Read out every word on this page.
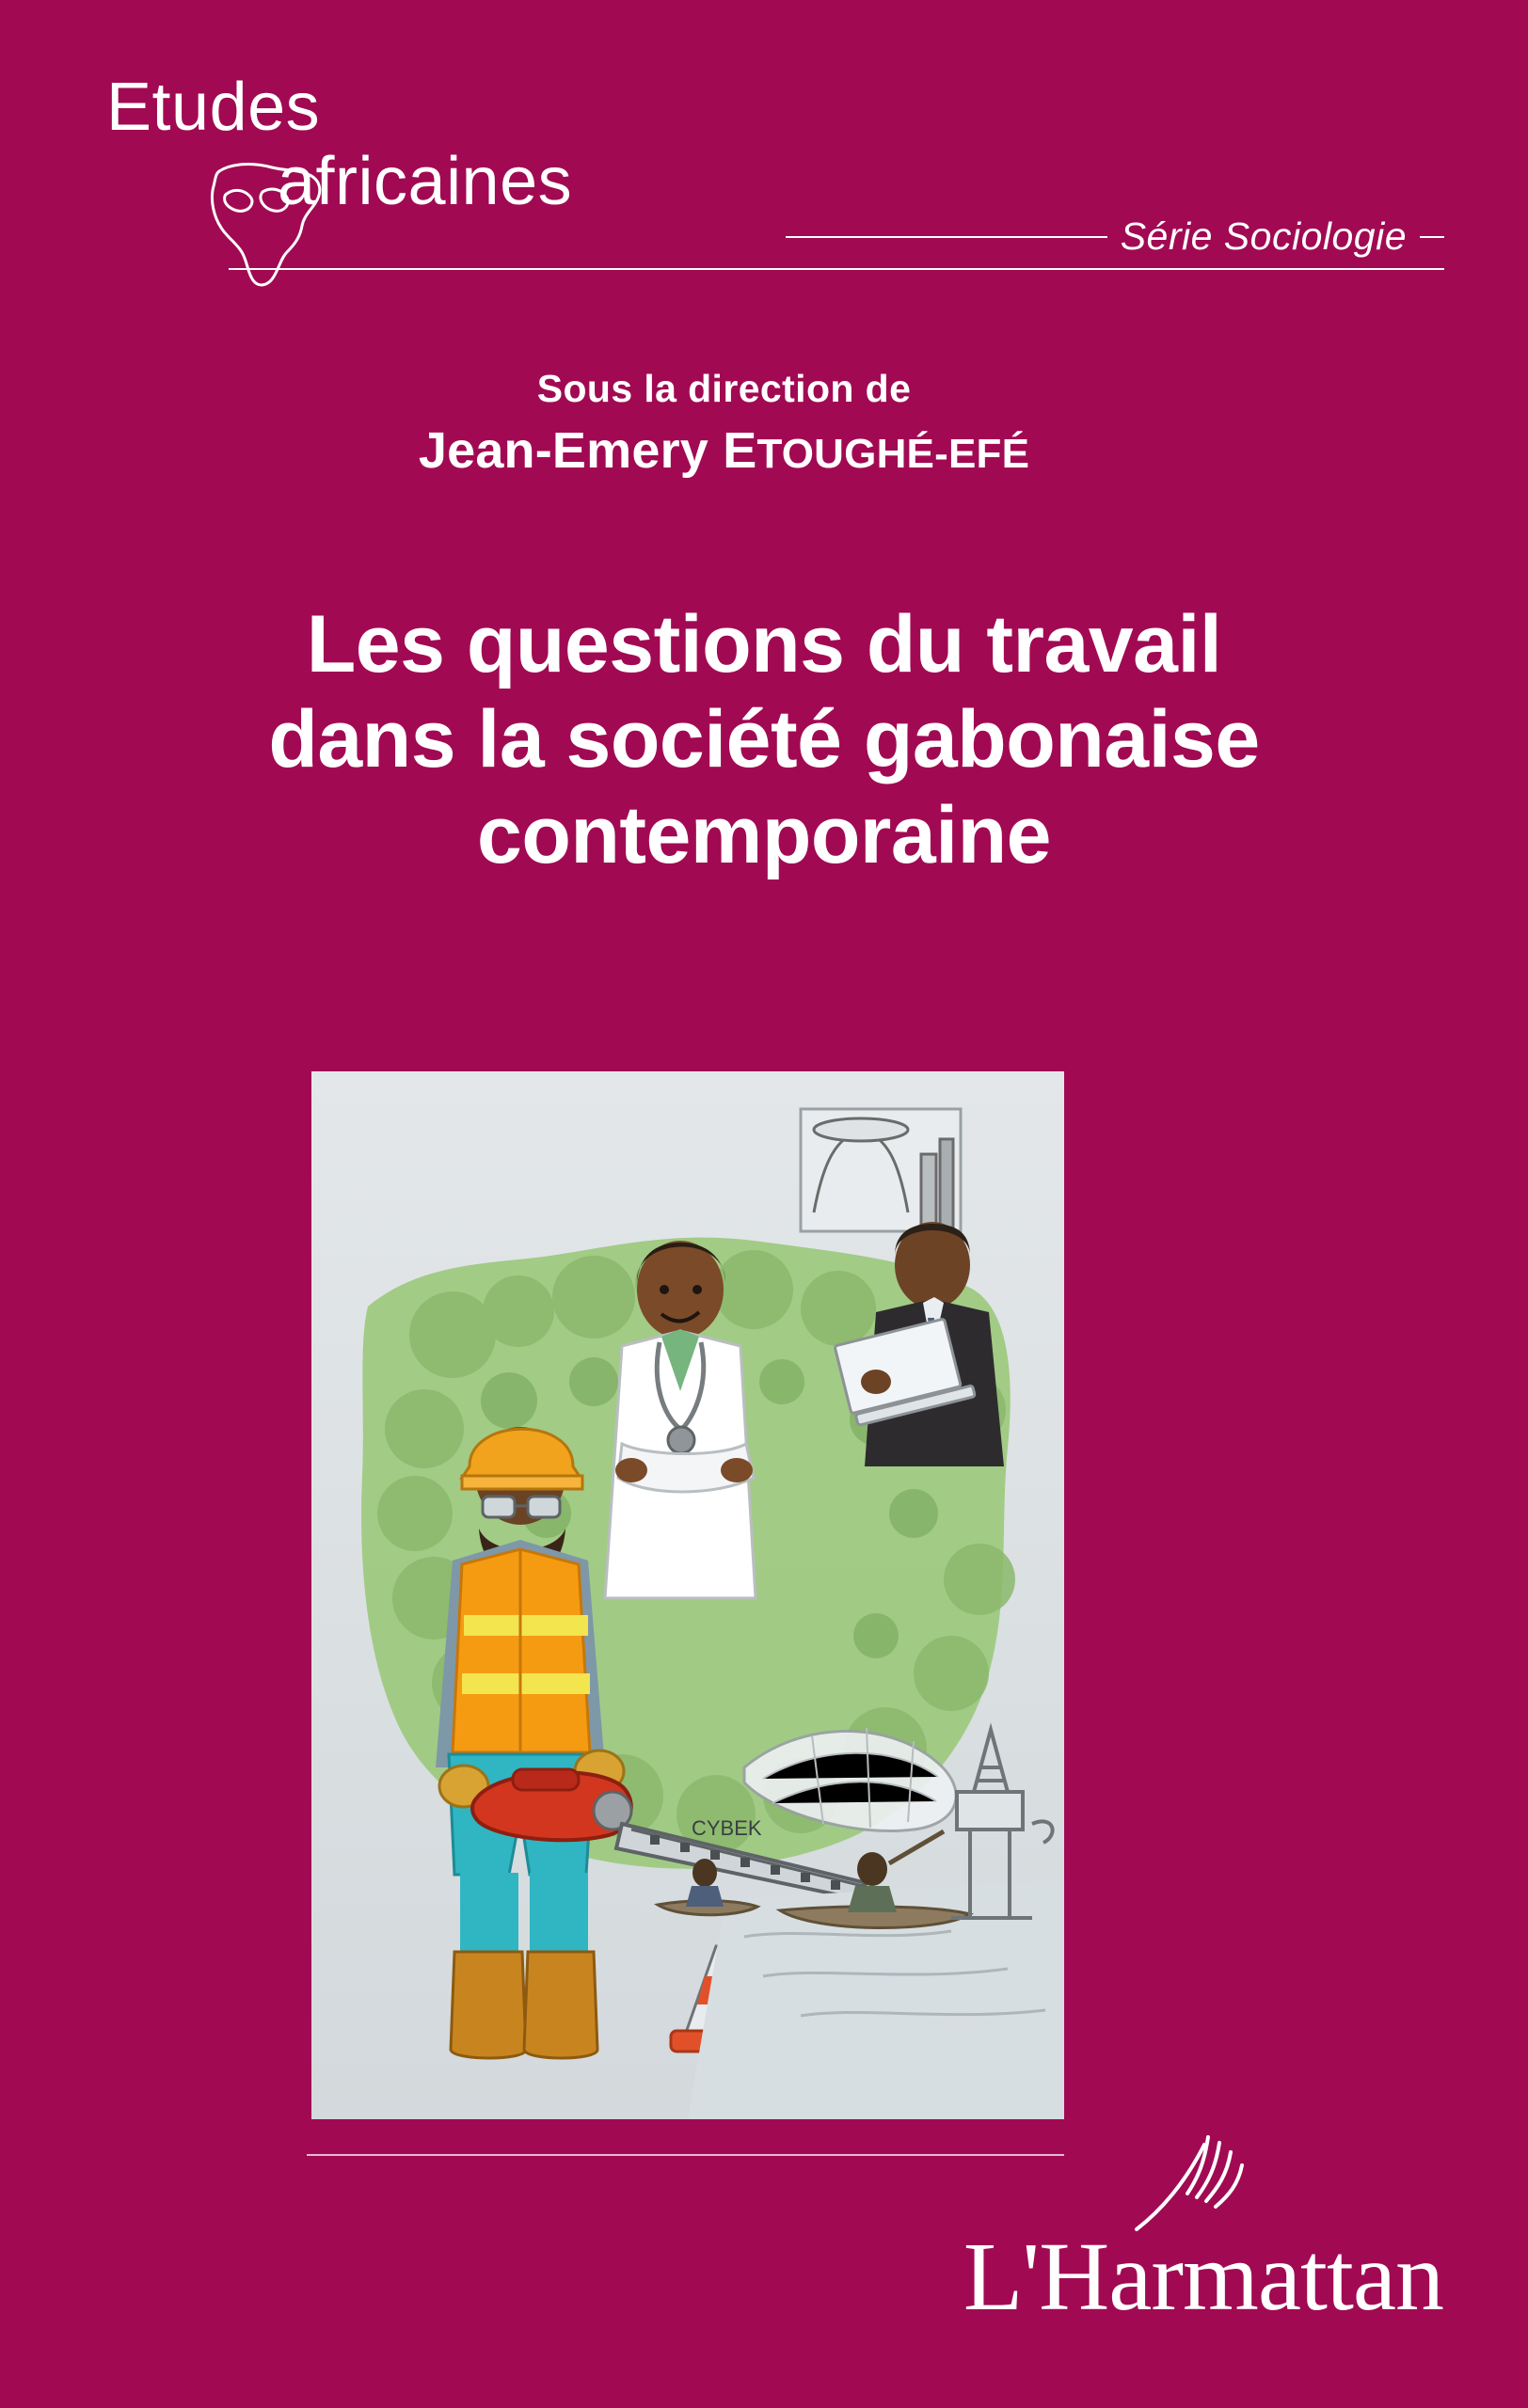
Etudes
africaines
Série Sociologie
Sous la direction de
Jean-Emery ETOUGHÉ-EFÉ
Les questions du travail
dans la société gabonaise
contemporaine
CYBEK
L'Harmattan
